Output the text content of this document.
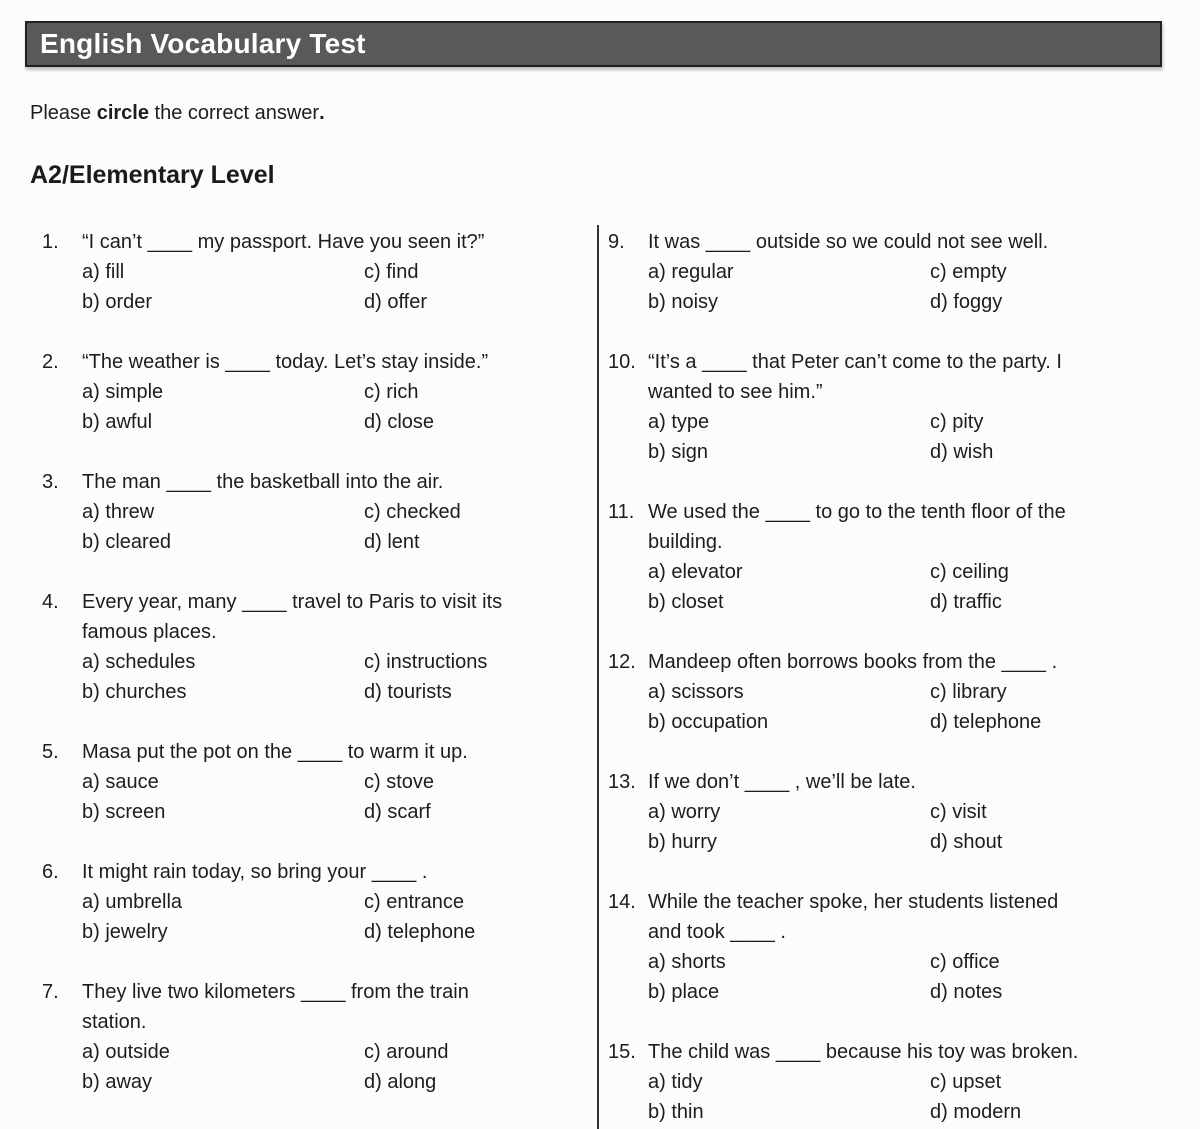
English Vocabulary Test

Please circle the correct answer.

A2/Elementary Level
1.	“I can’t ____ my passport. Have you seen it?”
a) fill	c) find
b) order	d) offer
2.	“The weather is ____ today. Let’s stay inside.”
a) simple	c) rich
b) awful	d) close
3.	The man ____ the basketball into the air.
a) threw	c) checked
b) cleared	d) lent
4.	Every year, many ____ travel to Paris to visit its
famous places.
a) schedules	c) instructions
b) churches	d) tourists
5.	Masa put the pot on the ____ to warm it up.
a) sauce	c) stove
b) screen	d) scarf
6.	It might rain today, so bring your ____ .
a) umbrella	c) entrance
b) jewelry	d) telephone
7.	They live two kilometers ____ from the train
station.
a) outside	c) around
b) away	d) along
9.	It was ____ outside so we could not see well.
a) regular	c) empty
b) noisy	d) foggy
10. “It’s a ____ that Peter can’t come to the party. I
wanted to see him.”
a) type	c) pity
b) sign	d) wish
11. We used the ____ to go to the tenth floor of the
building.
a) elevator	c) ceiling
b) closet	d) traffic
12. Mandeep often borrows books from the ____ .
a) scissors	c) library
b) occupation	d) telephone
13. If we don’t ____ , we’ll be late.
a) worry	c) visit
b) hurry	d) shout
14. While the teacher spoke, her students listened
and took ____ .
a) shorts	c) office
b) place	d) notes
15. The child was ____ because his toy was broken.
a) tidy	c) upset
b) thin	d) modern
